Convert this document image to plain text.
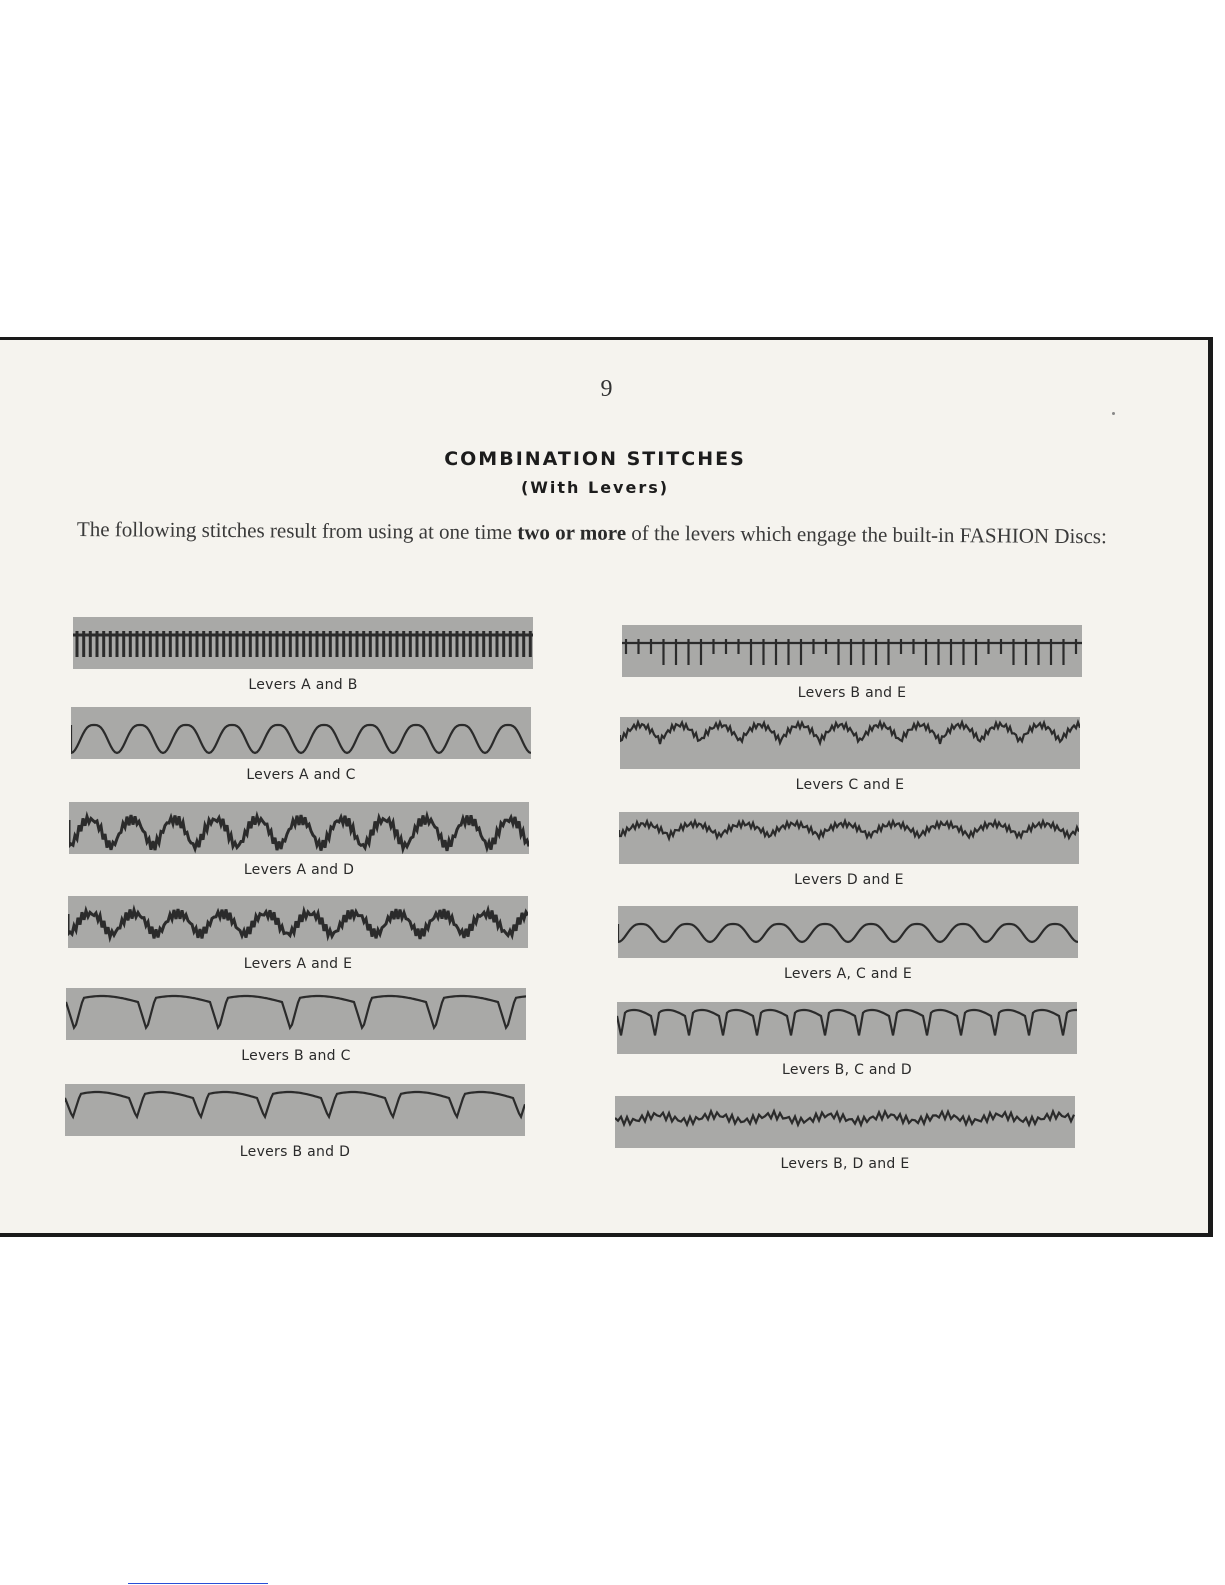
9
COMBINATION STITCHES
(With Levers)
The following stitches result from using at one time two or more of the levers which engage the built-in FASHION Discs:
Levers A and B
Levers A and C
Levers A and D
Levers A and E
Levers B and C
Levers B and D
Levers B and E
Levers C and E
Levers D and E
Levers A, C and E
Levers B, C and D
Levers B, D and E
